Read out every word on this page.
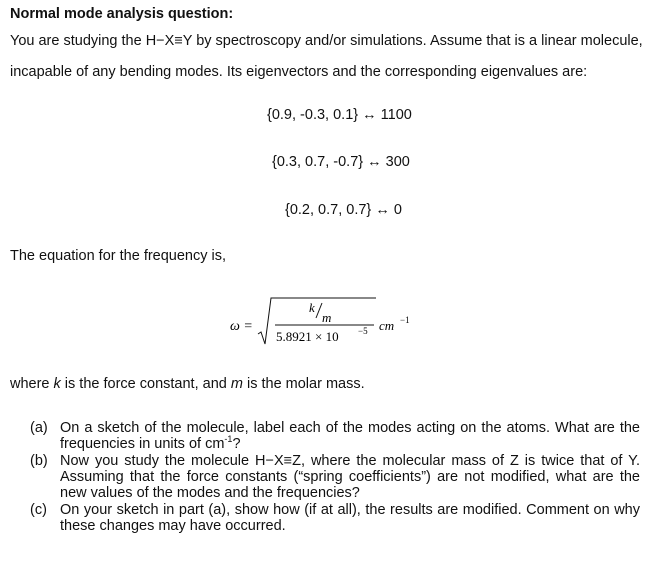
Normal mode analysis question:
You are studying the H−X≡Y by spectroscopy and/or simulations. Assume that is a linear molecule,
incapable of any bending modes. Its eigenvectors and the corresponding eigenvalues are:
{0.9, -0.3, 0.1} ↔ 1100
{0.3, 0.7, -0.7} ↔ 300
{0.2, 0.7, 0.7} ↔ 0
The equation for the frequency is,
ω =
k
m
5.8921 × 10 −5 cm −1
where k is the force constant, and m is the molar mass.
(a) On a sketch of the molecule, label each of the modes acting on the atoms. What are the frequencies in units of $cm^{-1}$?
(b) Now you study the molecule H−X≡Z, where the molecular mass of Z is twice that of Y. Assuming that the force constants (“spring coefficients”) are not modified, what are the new values of the modes and the frequencies?
(c) On your sketch in part (a), show how (if at all), the results are modified. Comment on why these changes may have occurred.
